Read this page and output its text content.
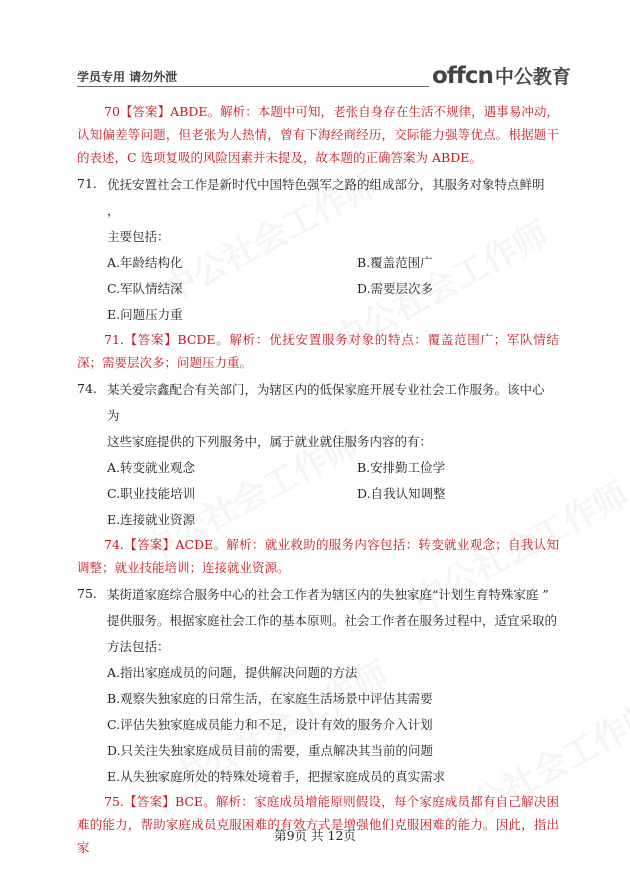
学员专用 请勿外泄	offcn 中公教育

70【答案】ABDE。解析：本题中可知，老张自身存在生活不规律，遇事易冲动，认知偏差等问题，但老张为人热情，曾有下海经商经历，交际能力强等优点。根据题干的表述，C 选项复吸的风险因素并未提及，故本题的正确答案为 ABDE。

71. 优抚安置社会工作是新时代中国特色强军之路的组成部分，其服务对象特点鲜明 ，
主要包括：
A.年龄结构化	B.覆盖范围广
C.军队情结深	D.需要层次多
E.问题压力重

71.【答案】BCDE。解析：优抚安置服务对象的特点：覆盖范围广；军队情结深；需要层次多；问题压力重。

74. 某关爱宗鑫配合有关部门，为辖区内的低保家庭开展专业社会工作服务。该中心 为
这些家庭提供的下列服务中，属于就业就住服务内容的有：
A.转变就业观念	B.安排勤工俭学
C.职业技能培训	D.自我认知调整
E.连接就业资源

74.【答案】ACDE。解析：就业救助的服务内容包括：转变就业观念；自我认知调整；就业技能培训；连接就业资源。

75. 某街道家庭综合服务中心的社会工作者为辖区内的失独家庭“计划生育特殊家庭 ”
提供服务。根据家庭社会工作的基本原则。社会工作者在服务过程中，适宜采取的
方法包括：
A.指出家庭成员的问题，提供解决问题的方法
B.观察失独家庭的日常生活，在家庭生活场景中评估其需要
C.评估失独家庭成员能力和不足，设计有效的服务介入计划
D.只关注失独家庭成员目前的需要，重点解决其当前的问题
E.从失独家庭所处的特殊处境着手，把握家庭成员的真实需求

75.【答案】BCE。解析：家庭成员增能原则假设，每个家庭成员都有自己解决困难的能力，帮助家庭成员克服困难的有效方式是增强他们克服困难的能力。因此，指出家

第9页 共 12页
